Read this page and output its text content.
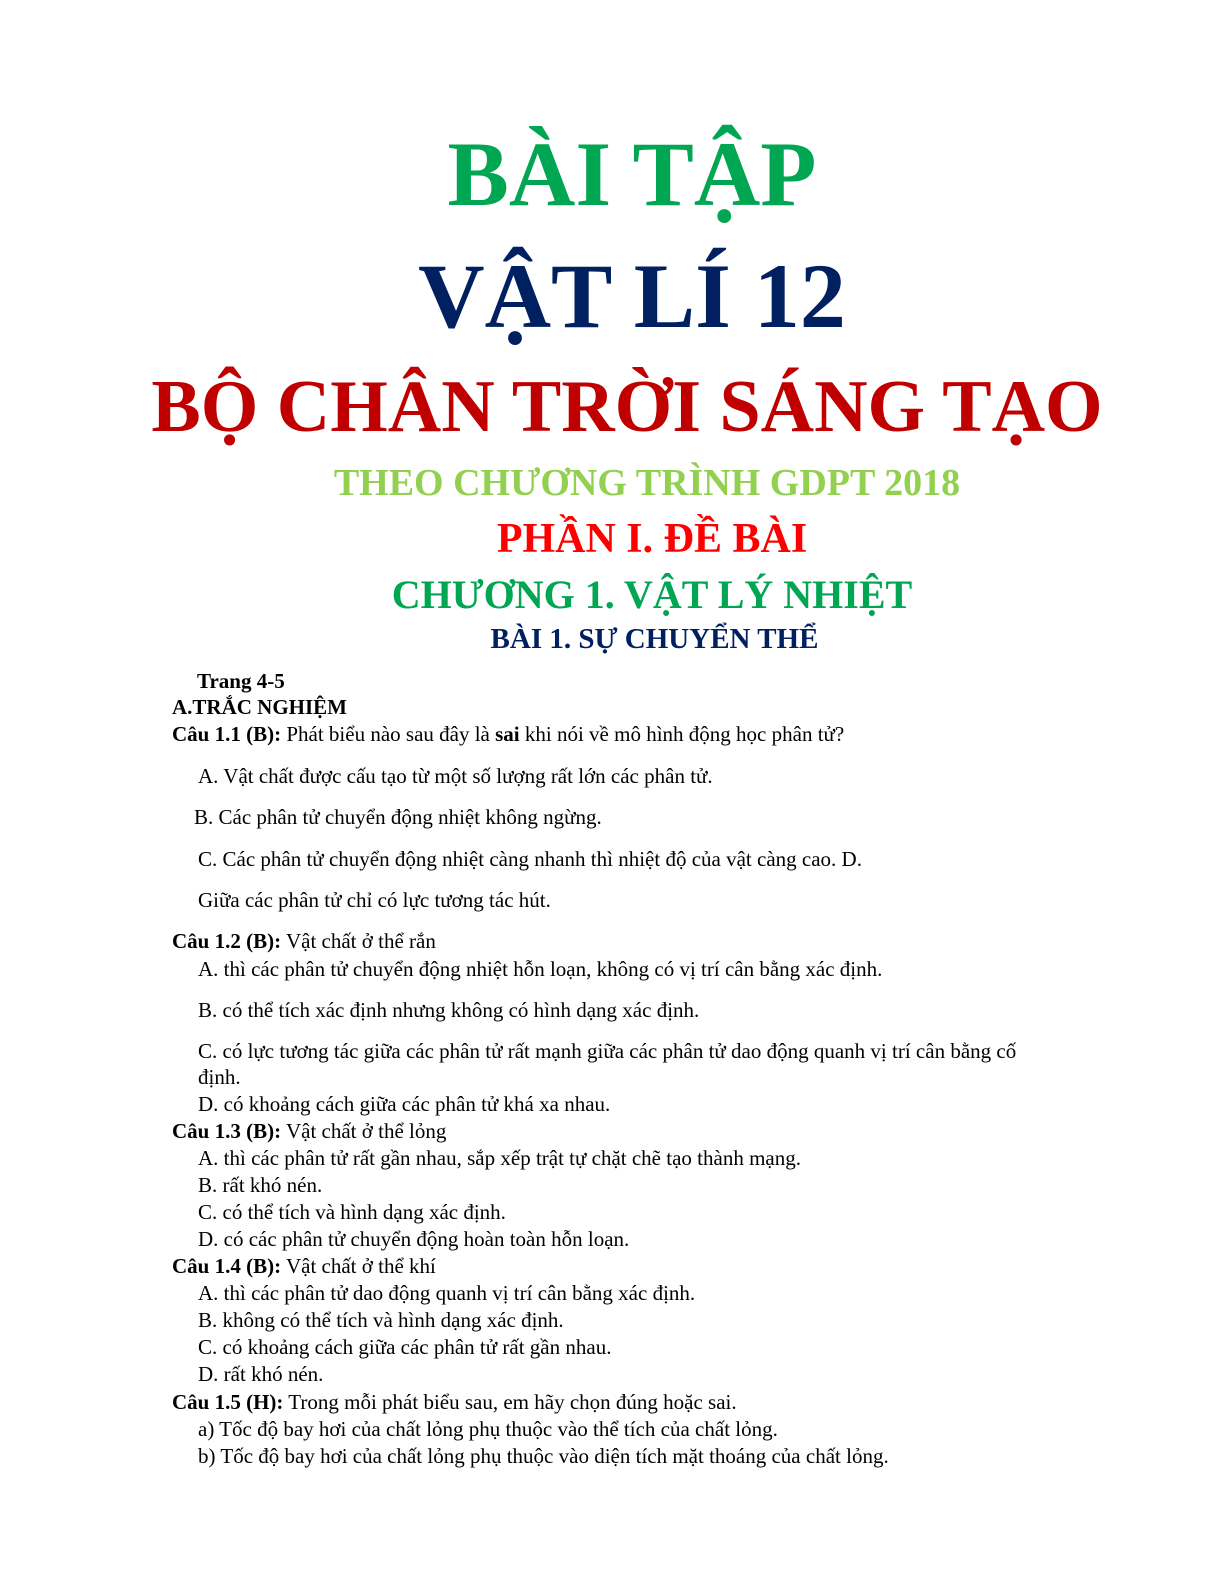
BÀI TẬP
VẬT LÍ 12
BỘ CHÂN TRỜI SÁNG TẠO
THEO CHƯƠNG TRÌNH GDPT 2018
PHẦN I. ĐỀ BÀI
CHƯƠNG 1. VẬT LÝ NHIỆT
BÀI 1. SỰ CHUYỂN THỂ
Trang 4-5
A.TRẮC NGHIỆM
Câu 1.1 (B): Phát biểu nào sau đây là sai khi nói về mô hình động học phân tử?
A. Vật chất được cấu tạo từ một số lượng rất lớn các phân tử.
B. Các phân tử chuyển động nhiệt không ngừng.
C. Các phân tử chuyển động nhiệt càng nhanh thì nhiệt độ của vật càng cao. D.
Giữa các phân tử chỉ có lực tương tác hút.
Câu 1.2 (B): Vật chất ở thể rắn
A. thì các phân tử chuyển động nhiệt hỗn loạn, không có vị trí cân bằng xác định.
B. có thể tích xác định nhưng không có hình dạng xác định.
C. có lực tương tác giữa các phân tử rất mạnh giữa các phân tử dao động quanh vị trí cân bằng cố
định.
D. có khoảng cách giữa các phân tử khá xa nhau.
Câu 1.3 (B): Vật chất ở thể lỏng
A. thì các phân tử rất gần nhau, sắp xếp trật tự chặt chẽ tạo thành mạng.
B. rất khó nén.
C. có thể tích và hình dạng xác định.
D. có các phân tử chuyển động hoàn toàn hỗn loạn.
Câu 1.4 (B): Vật chất ở thể khí
A. thì các phân tử dao động quanh vị trí cân bằng xác định.
B. không có thể tích và hình dạng xác định.
C. có khoảng cách giữa các phân tử rất gần nhau.
D. rất khó nén.
Câu 1.5 (H): Trong mỗi phát biểu sau, em hãy chọn đúng hoặc sai.
a) Tốc độ bay hơi của chất lỏng phụ thuộc vào thể tích của chất lỏng.
b) Tốc độ bay hơi của chất lỏng phụ thuộc vào diện tích mặt thoáng của chất lỏng.
